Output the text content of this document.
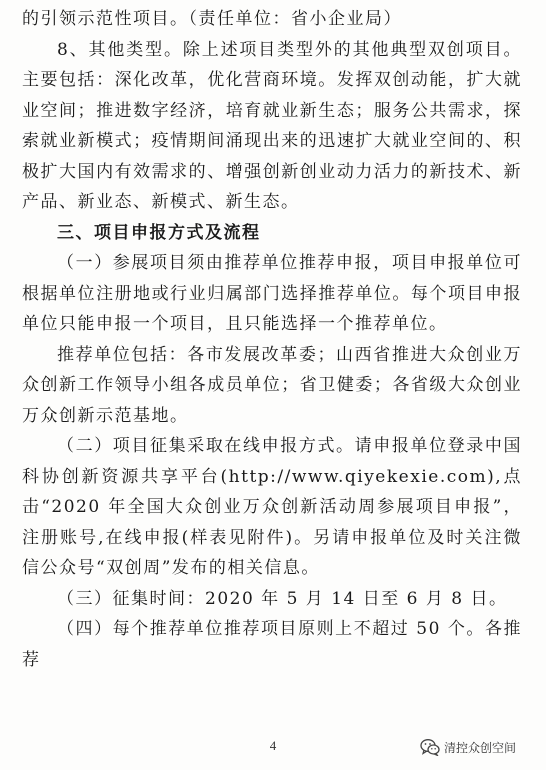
的引领示范性项目。（责任单位：省小企业局）

8、其他类型。除上述项目类型外的其他典型双创项目。主要包括：深化改革，优化营商环境。发挥双创动能，扩大就业空间；推进数字经济，培育就业新生态；服务公共需求，探索就业新模式；疫情期间涌现出来的迅速扩大就业空间的、积极扩大国内有效需求的、增强创新创业动力活力的新技术、新产品、新业态、新模式、新生态。

三、项目申报方式及流程

（一）参展项目须由推荐单位推荐申报，项目申报单位可根据单位注册地或行业归属部门选择推荐单位。每个项目申报单位只能申报一个项目，且只能选择一个推荐单位。

推荐单位包括：各市发展改革委；山西省推进大众创业万众创新工作领导小组各成员单位；省卫健委；各省级大众创业万众创新示范基地。

（二）项目征集采取在线申报方式。请申报单位登录中国科协创新资源共享平台(http://www.qiyekexie.com),点击“2020 年全国大众创业万众创新活动周参展项目申报”，注册账号,在线申报(样表见附件)。另请申报单位及时关注微信公众号“双创周”发布的相关信息。

（三）征集时间：2020 年 5 月 14 日至 6 月 8 日。

（四）每个推荐单位推荐项目原则上不超过 50 个。各推荐

4	清控众创空间
